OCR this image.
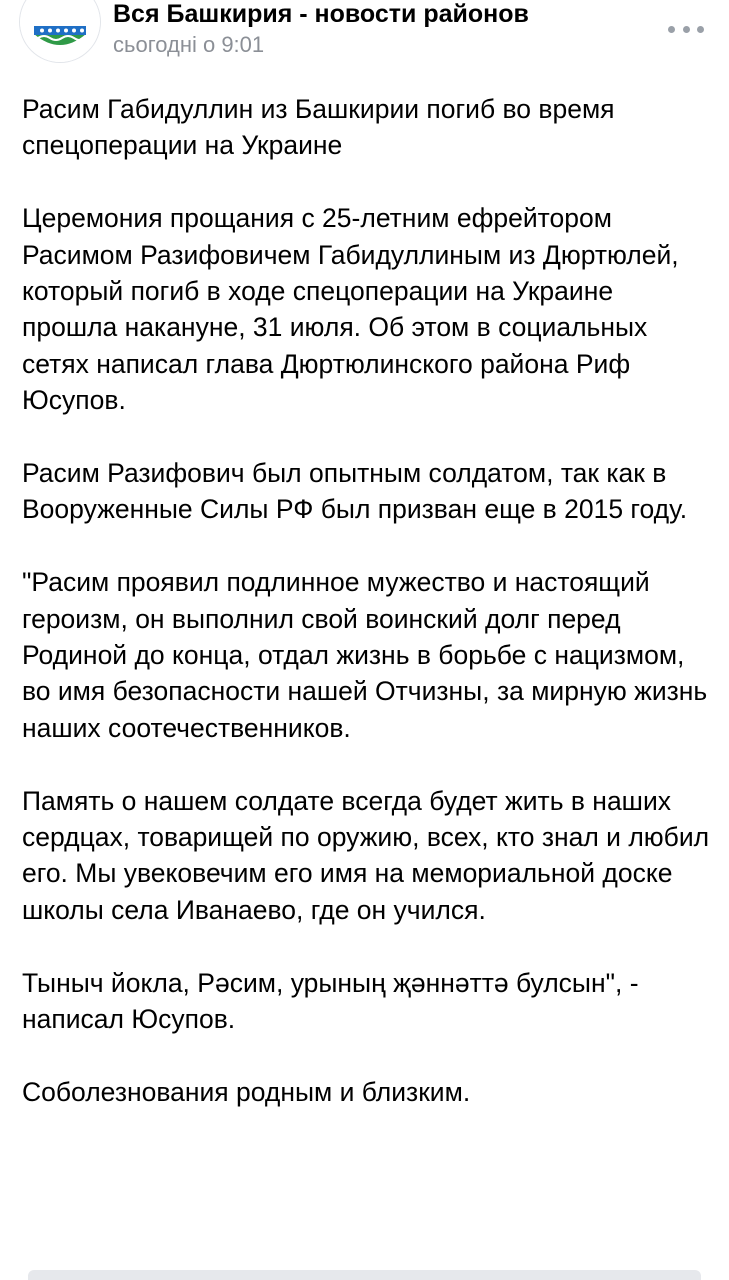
Вся Башкирия - новости районов
сьогодні о 9:01

Расим Габидуллин из Башкирии погиб во время спецоперации на Украине

Церемония прощания с 25-летним ефрейтором Расимом Разифовичем Габидуллиным из Дюртюлей, который погиб в ходе спецоперации на Украине прошла накануне, 31 июля. Об этом в социальных сетях написал глава Дюртюлинского района Риф Юсупов.

Расим Разифович был опытным солдатом, так как в Вооруженные Силы РФ был призван еще в 2015 году.

"Расим проявил подлинное мужество и настоящий героизм, он выполнил свой воинский долг перед Родиной до конца, отдал жизнь в борьбе с нацизмом, во имя безопасности нашей Отчизны, за мирную жизнь наших соотечественников.

Память о нашем солдате всегда будет жить в наших сердцах, товарищей по оружию, всех, кто знал и любил его. Мы увековечим его имя на мемориальной доске школы села Иванаево, где он учился.

Тыныч йокла, Рәсим, урының җәннәттә булсын", - написал Юсупов.

Соболезнования родным и близким.
